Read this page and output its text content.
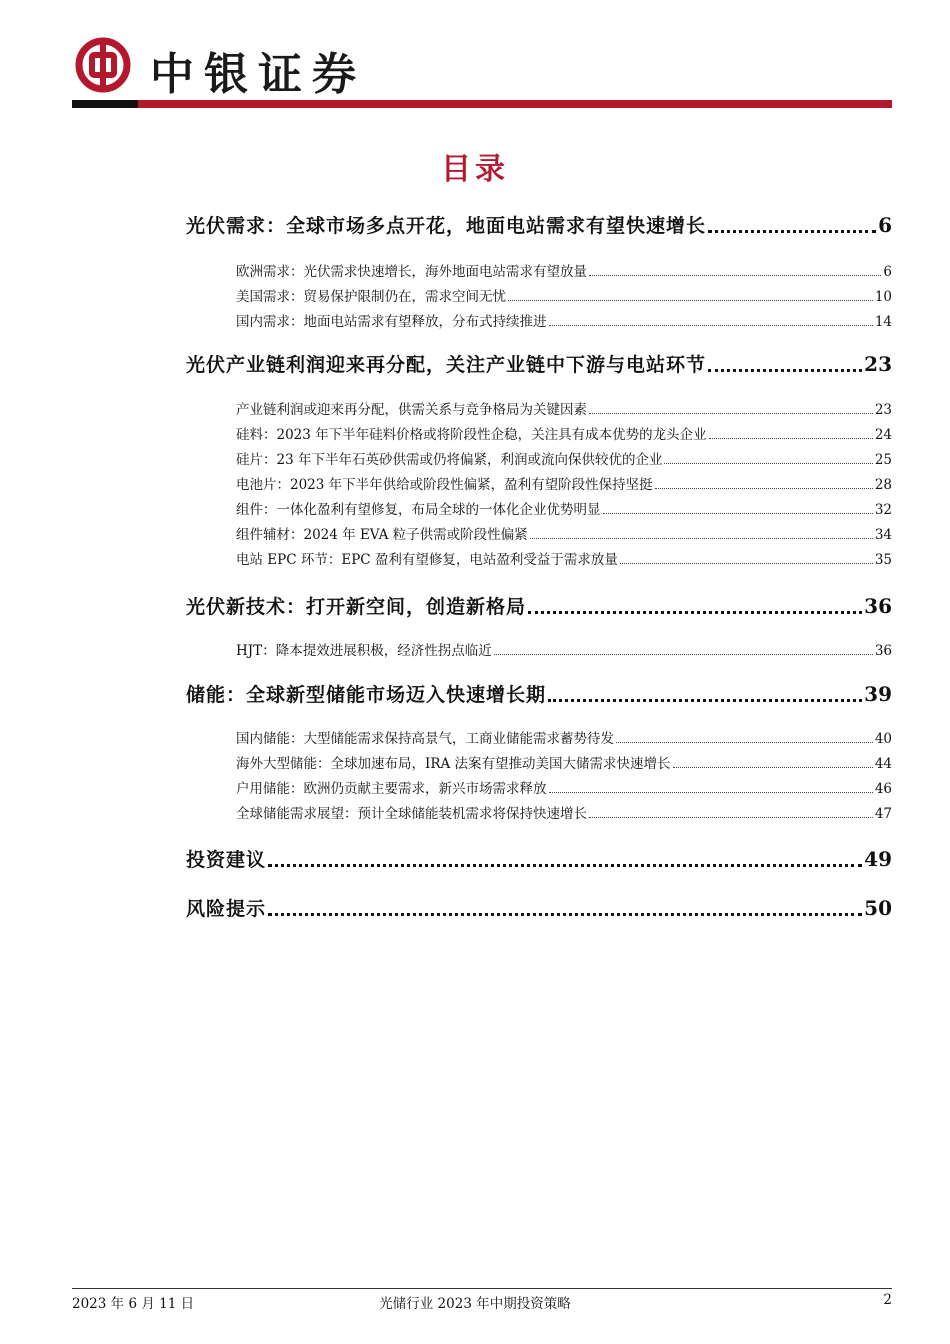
中银证券
目录
光伏需求：全球市场多点开花，地面电站需求有望快速增长	6
欧洲需求：光伏需求快速增长，海外地面电站需求有望放量	6
美国需求：贸易保护限制仍在，需求空间无忧	10
国内需求：地面电站需求有望释放，分布式持续推进	14
光伏产业链利润迎来再分配，关注产业链中下游与电站环节	23
产业链利润或迎来再分配，供需关系与竞争格局为关键因素	23
硅料：2023 年下半年硅料价格或将阶段性企稳，关注具有成本优势的龙头企业	24
硅片：23 年下半年石英砂供需或仍将偏紧，利润或流向保供较优的企业	25
电池片：2023 年下半年供给或阶段性偏紧，盈利有望阶段性保持坚挺	28
组件：一体化盈利有望修复，布局全球的一体化企业优势明显	32
组件辅材：2024 年 EVA 粒子供需或阶段性偏紧	34
电站 EPC 环节：EPC 盈利有望修复，电站盈利受益于需求放量	35
光伏新技术：打开新空间，创造新格局	36
HJT：降本提效进展积极，经济性拐点临近	36
储能：全球新型储能市场迈入快速增长期	39
国内储能：大型储能需求保持高景气，工商业储能需求蓄势待发	40
海外大型储能：全球加速布局，IRA 法案有望推动美国大储需求快速增长	44
户用储能：欧洲仍贡献主要需求，新兴市场需求释放	46
全球储能需求展望：预计全球储能装机需求将保持快速增长	47
投资建议	49
风险提示	50
2023 年 6 月 11 日	光储行业 2023 年中期投资策略	2
